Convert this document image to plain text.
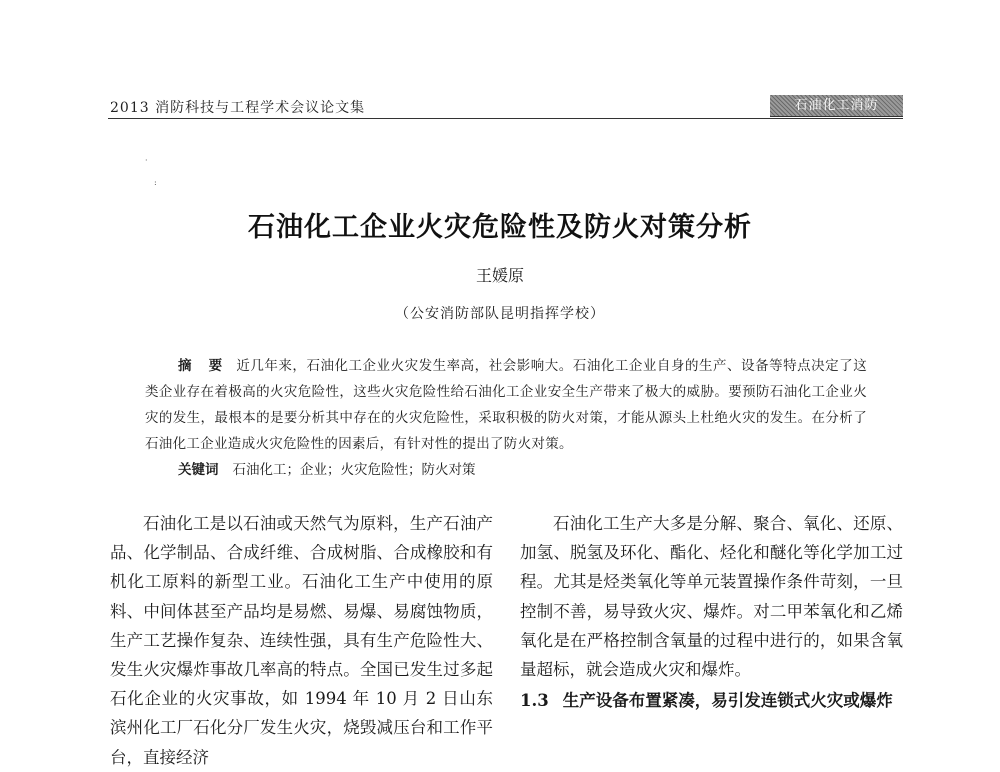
2013 消防科技与工程学术会议论文集	石油化工消防
·
:
石油化工企业火灾危险性及防火对策分析
王媛原
（公安消防部队昆明指挥学校）
摘 要 近几年来，石油化工企业火灾发生率高，社会影响大。石油化工企业自身的生产、设备等特点决定了这类企业存在着极高的火灾危险性，这些火灾危险性给石油化工企业安全生产带来了极大的威胁。要预防石油化工企业火灾的发生，最根本的是要分析其中存在的火灾危险性，采取积极的防火对策，才能从源头上杜绝火灾的发生。在分析了石油化工企业造成火灾危险性的因素后，有针对性的提出了防火对策。
关键词 石油化工；企业；火灾危险性；防火对策

石油化工是以石油或天然气为原料，生产石油产品、化学制品、合成纤维、合成树脂、合成橡胶和有机化工原料的新型工业。石油化工生产中使用的原料、中间体甚至产品均是易燃、易爆、易腐蚀物质，生产工艺操作复杂、连续性强，具有生产危险性大、发生火灾爆炸事故几率高的特点。全国已发生过多起石化企业的火灾事故，如 1994 年 10 月 2 日山东滨州化工厂石化分厂发生火灾，烧毁减压台和工作平台，直接经济

石油化工生产大多是分解、聚合、氧化、还原、加氢、脱氢及环化、酯化、烃化和醚化等化学加工过程。尤其是烃类氧化等单元装置操作条件苛刻，一旦控制不善，易导致火灾、爆炸。对二甲苯氧化和乙烯氧化是在严格控制含氧量的过程中进行的，如果含氧量超标，就会造成火灾和爆炸。

1.3 生产设备布置紧凑，易引发连锁式火灾或爆炸
